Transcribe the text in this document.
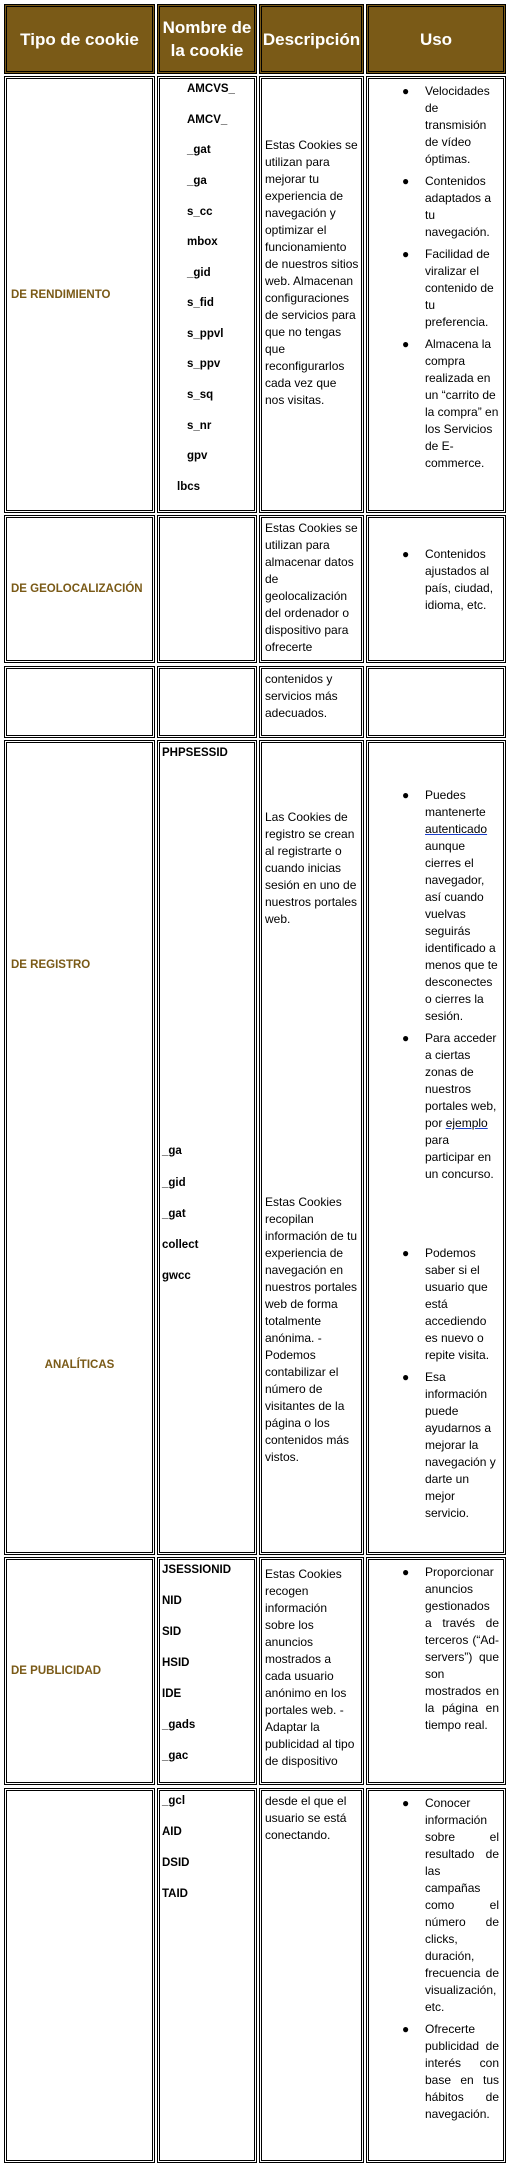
Tipo de cookie
Nombre de la cookie
Descripción	Uso
DE RENDIMIENTO
AMCVS_
AMCV_
_gat
_ga
s_cc
mbox
_gid
s_fid
s_ppvl
s_ppv
s_sq
s_nr
gpv
lbcs

Estas Cookies se utilizan para mejorar tu experiencia de navegación y optimizar el funcionamiento de nuestros sitios web. Almacenan configuraciones de servicios para que no tengas que reconfigurarlos cada vez que nos visitas.

● Velocidades de transmisión de vídeo óptimas.
● Contenidos adaptados a tu navegación.
● Facilidad de viralizar el contenido de tu preferencia.
● Almacena la compra realizada en un “carrito de la compra” en los Servicios de E-commerce.
DE GEOLOCALIZACIÓN

Estas Cookies se utilizan para almacenar datos de geolocalización del ordenador o dispositivo para ofrecerte

● Contenidos ajustados al país, ciudad, idioma, etc.

contenidos y servicios más adecuados.

DE REGISTRO
ANALÍTICAS
PHPSESSID
_ga
_gid
_gat
collect
gwcc

Las Cookies de registro se crean al registrarte o cuando inicias sesión en uno de nuestros portales web.

Estas Cookies recopilan información de tu experiencia de navegación en nuestros portales web de forma totalmente anónima. - Podemos contabilizar el número de visitantes de la página o los contenidos más vistos.

● Puedes mantenerte autenticado aunque cierres el navegador, así cuando vuelvas seguirás identificado a menos que te desconectes o cierres la sesión.
● Para acceder a ciertas zonas de nuestros portales web, por ejemplo para participar en un concurso.
● Podemos saber si el usuario que está accediendo es nuevo o repite visita.
● Esa información puede ayudarnos a mejorar la navegación y darte un mejor servicio.
DE PUBLICIDAD
JSESSIONID
NID
SID
HSID
IDE
_gads
_gac

Estas Cookies recogen información sobre los anuncios mostrados a cada usuario anónimo en los portales web. - Adaptar la publicidad al tipo de dispositivo

● Proporcionar anuncios gestionados a través de terceros (“Ad-servers”) que son mostrados en la página en tiempo real.
_gcl
AID
DSID
TAID

desde el que el usuario se está conectando.

● Conocer información sobre el resultado de las campañas como el número de clicks, duración, frecuencia de visualización, etc.
● Ofrecerte publicidad de interés con base en tus hábitos de navegación.
